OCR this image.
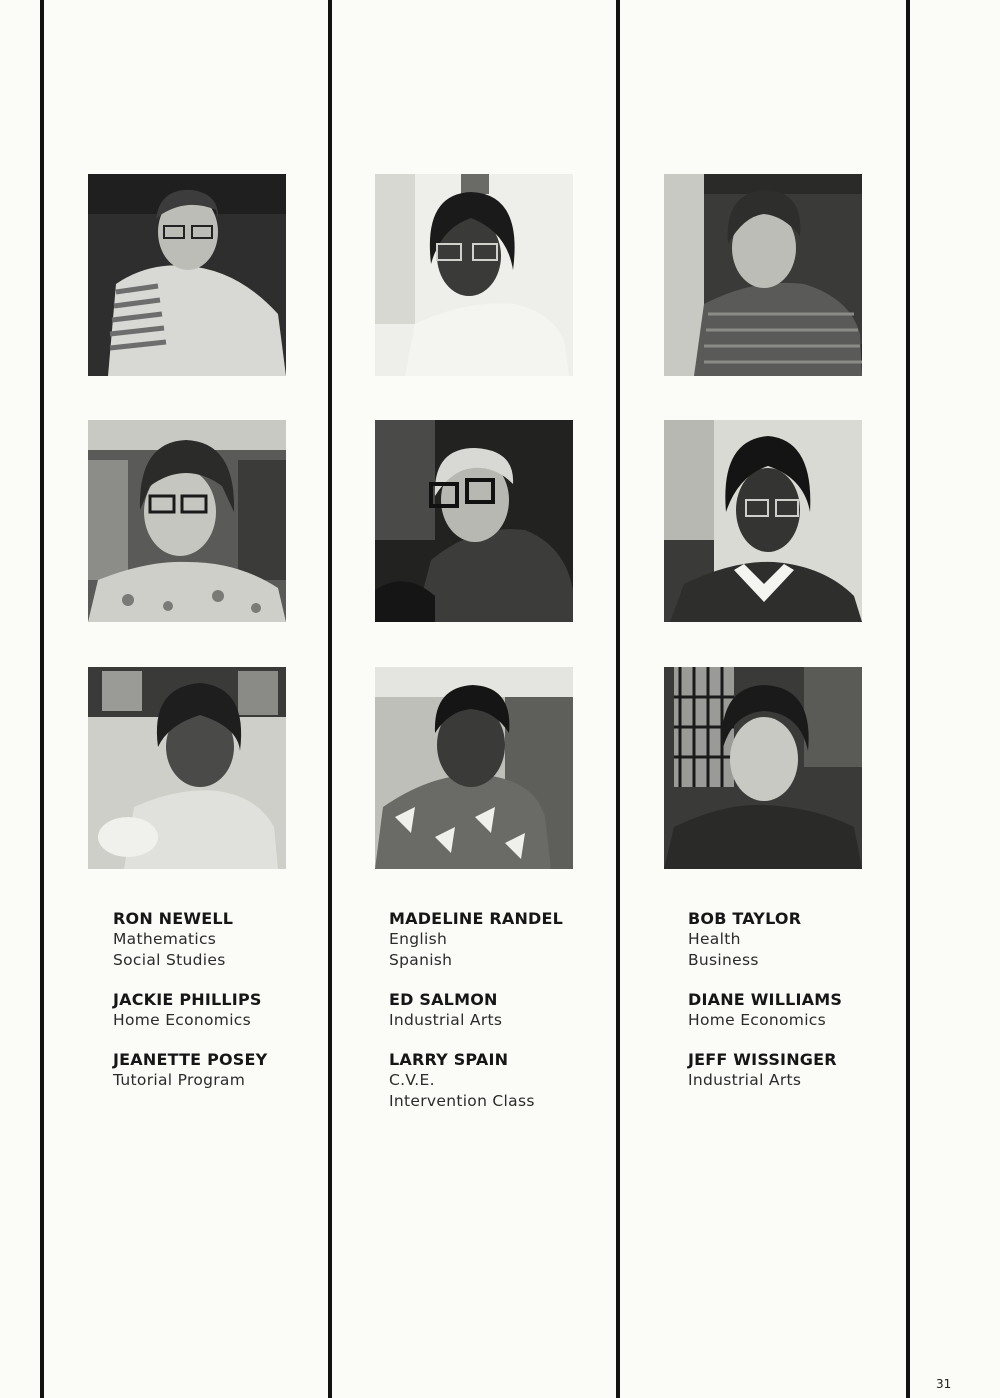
RON NEWELL
Mathematics
Social Studies
JACKIE PHILLIPS
Home Economics
JEANETTE POSEY
Tutorial Program
MADELINE RANDEL
English
Spanish
ED SALMON
Industrial Arts
LARRY SPAIN
C.V.E.
Intervention Class
BOB TAYLOR
Health
Business
DIANE WILLIAMS
Home Economics
JEFF WISSINGER
Industrial Arts
31
